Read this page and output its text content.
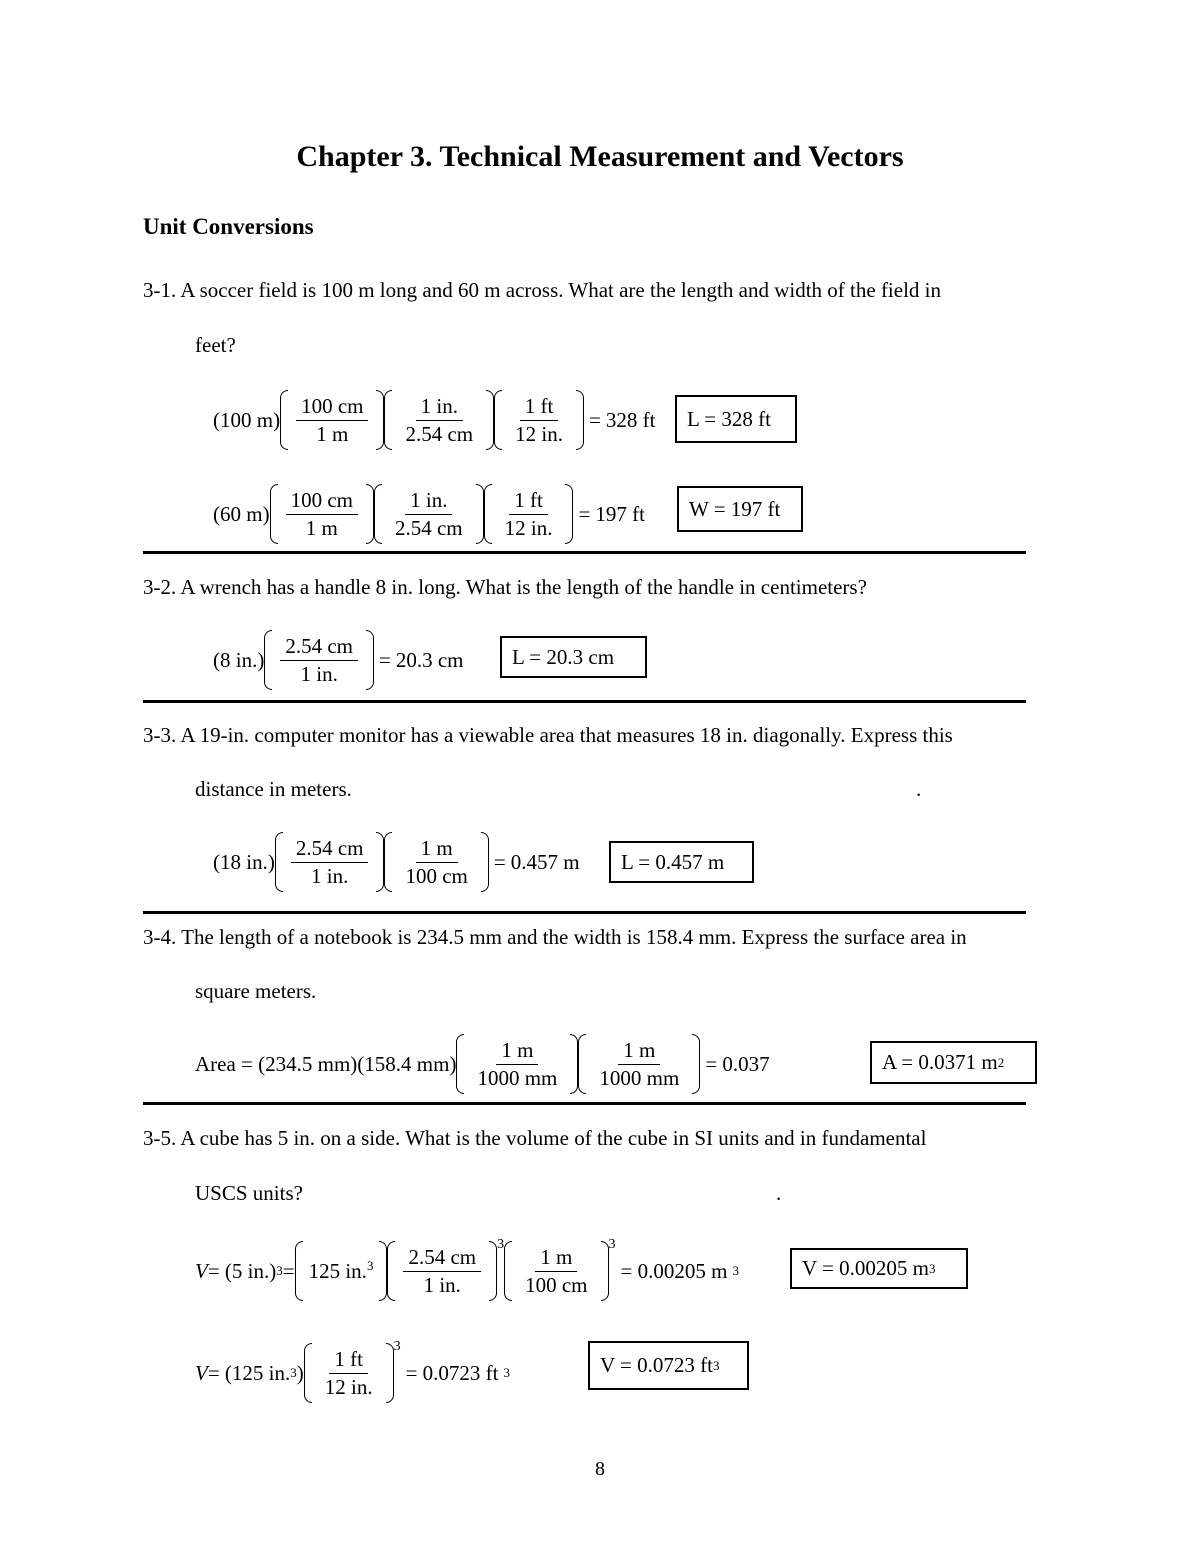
Chapter 3. Technical Measurement and Vectors
Unit Conversions
3-1. A soccer field is 100 m long and 60 m across. What are the length and width of the field in
feet?
(100 $m) \frac{100 cm}{1 m} \frac{1 in.}{2.54 cm} \frac{1 ft}{12 in.} = 328$ ft L = 328 ft
(60 $m) \frac{100 cm}{1 m} \frac{1 in.}{2.54 cm} \frac{1 ft}{12 in.} = 197$ ft W = 197 ft
3-2. A wrench has a handle 8 in. long. What is the length of the handle in centimeters?
(8 $in.) \frac{2.54 cm}{1 in.} = 20.3$ cm L = 20.3 cm
3-3. A 19-in. computer monitor has a viewable area that measures 18 in. diagonally. Express this
distance in meters.	.
(18 $in.) \frac{2.54 cm}{1 in.} \frac{1 m}{100 cm} = 0.457$ m L = 0.457 m
3-4. The length of a notebook is 234.5 mm and the width is 158.4 mm. Express the surface area in
square meters.
Area = (234.5 mm)(158.4 $mm) \frac{1 m}{1000 mm} \frac{1 m}{1000 mm} = 0.037$	A = 0.0371 m 2
3-5. A cube has 5 in. on a side. What is the volume of the cube in SI units and in fundamental
USCS units?	.
V = (5 in.) 3 = 125 $in.^3 \frac{2.54 cm}{1 in.} 3 \frac{1 m}{100 cm} 3$
= 0.00205 m 3	V = 0.00205 m 3
V = (125 in. 3 ) $\frac{1 ft}{12 in.} 3$
= 0.0723 ft 3	V = 0.0723 ft 3
8
